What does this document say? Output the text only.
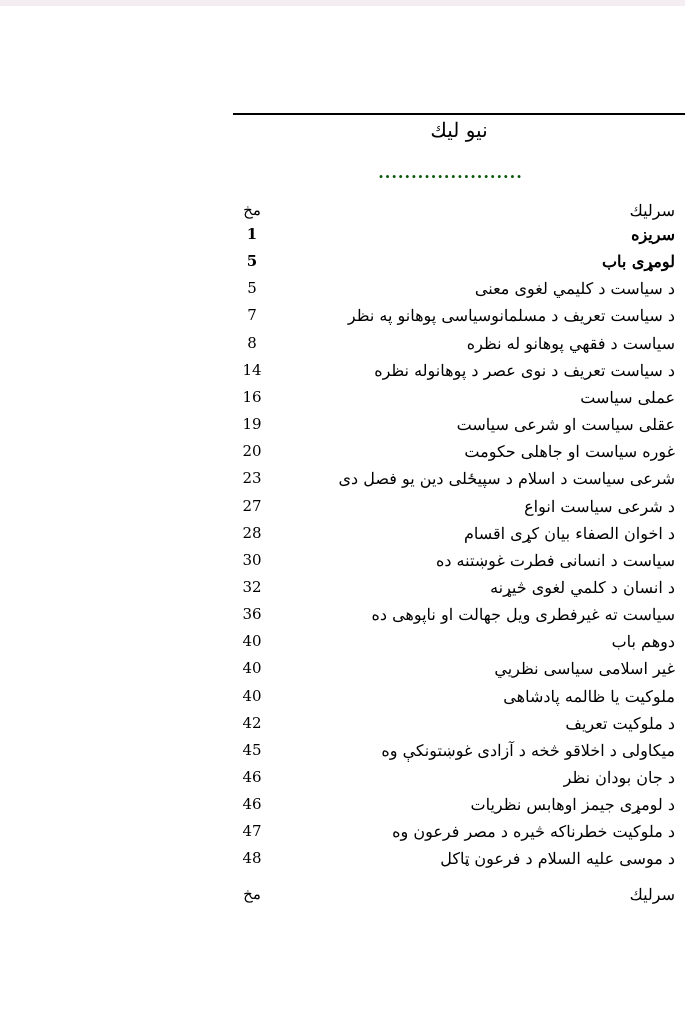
نيو ليك
......................
سرليك
مخ
سريزه
1
لومړی باب
5
د سياست د كليمي لغوى معنى
5
د سياست تعريف د مسلمانوسياسى پوهانو په نظر
7
سياست د فقهي پوهانو له نظره
8
د سياست تعريف د نوى عصر د پوهانوله نظره
14
عملی سياست
16
عقلی سياست او شرعى سياست
19
غوره سياست او جاهلى حكومت
20
شرعى سياست د اسلام د سپيځلى دين يو فصل دى
23
د شرعى سياست انواع
27
د اخوان الصفاء بيان كړى اقسام
28
سياست د انسانى فطرت غوښتنه ده
30
د انسان د كلمي لغوى څيړنه
32
سياست ته غيرفطرى ويل جهالت او ناپوهى ده
36
دوهم باب
40
غير اسلامى سياسى نظريي
40
ملوكيت يا ظالمه پادشاهى
40
د ملوكيت تعريف
42
ميكاولى د اخلاقو څخه د آزادى غوښتونكې وه
45
د جان بودان نظر
46
د لومړى جيمز اوهابس نظريات
46
د ملوكيت خطرناكه څيره د مصر فرعون وه
47
د موسى عليه السلام د فرعون ټاكل
48
سرليك
مخ
